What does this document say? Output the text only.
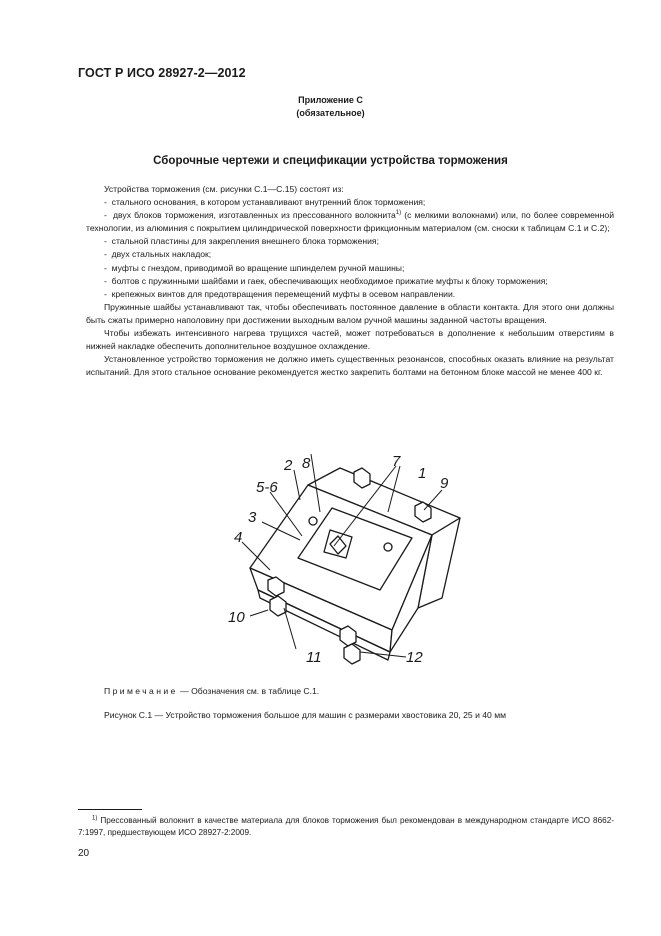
ГОСТ Р ИСО 28927-2—2012
Приложение С
(обязательное)
Сборочные чертежи и спецификации устройства торможения

Устройства торможения (см. рисунки С.1—С.15) состоят из:

-  стального основания, в котором устанавливают внутренний блок торможения;

-  двух блоков торможения, изготавленных из прессованного волокнита$^{1)}$ (с мелкими волокнами) или, по более современной технологии, из алюминия с покрытием цилиндрической поверхности фрикционным материалом (см. сноски к таблицам С.1 и С.2);

-  стальной пластины для закрепления внешнего блока торможения;

-  двух стальных накладок;

-  муфты с гнездом, приводимой во вращение шпинделем ручной машины;

-  болтов с пружинными шайбами и гаек, обеспечивающих необходимое прижатие муфты к блоку торможения;

-  крепежных винтов для предотвращения перемещений муфты в осевом направлении.

Пружинные шайбы устанавливают так, чтобы обеспечивать постоянное давление в области контакта. Для этого они должны быть сжаты примерно наполовину при достижении выходным валом ручной машины заданной частоты вращения.

Чтобы избежать интенсивного нагрева трущихся частей, может потребоваться в дополнение к небольшим отверстиям в нижней накладке обеспечить дополнительное воздушное охлаждение.

Установленное устройство торможения не должно иметь существенных резонансов, способных оказать влияние на результат испытаний. Для этого стальное основание рекомендуется жестко закрепить болтами на бетонном блоке массой не менее 400 кг.

8
2
5-6
3
4
7
1
9
10
11	12
Примечание — Обозначения см. в таблице С.1.
Рисунок С.1 — Устройство торможения большое для машин с размерами хвостовика 20, 25 и 40 мм
$^{1)}$ Прессованный волокнит в качестве материала для блоков торможения был рекомендован в международном стандарте ИСО 8662-7:1997, предшествующем ИСО 28927-2:2009.
20
